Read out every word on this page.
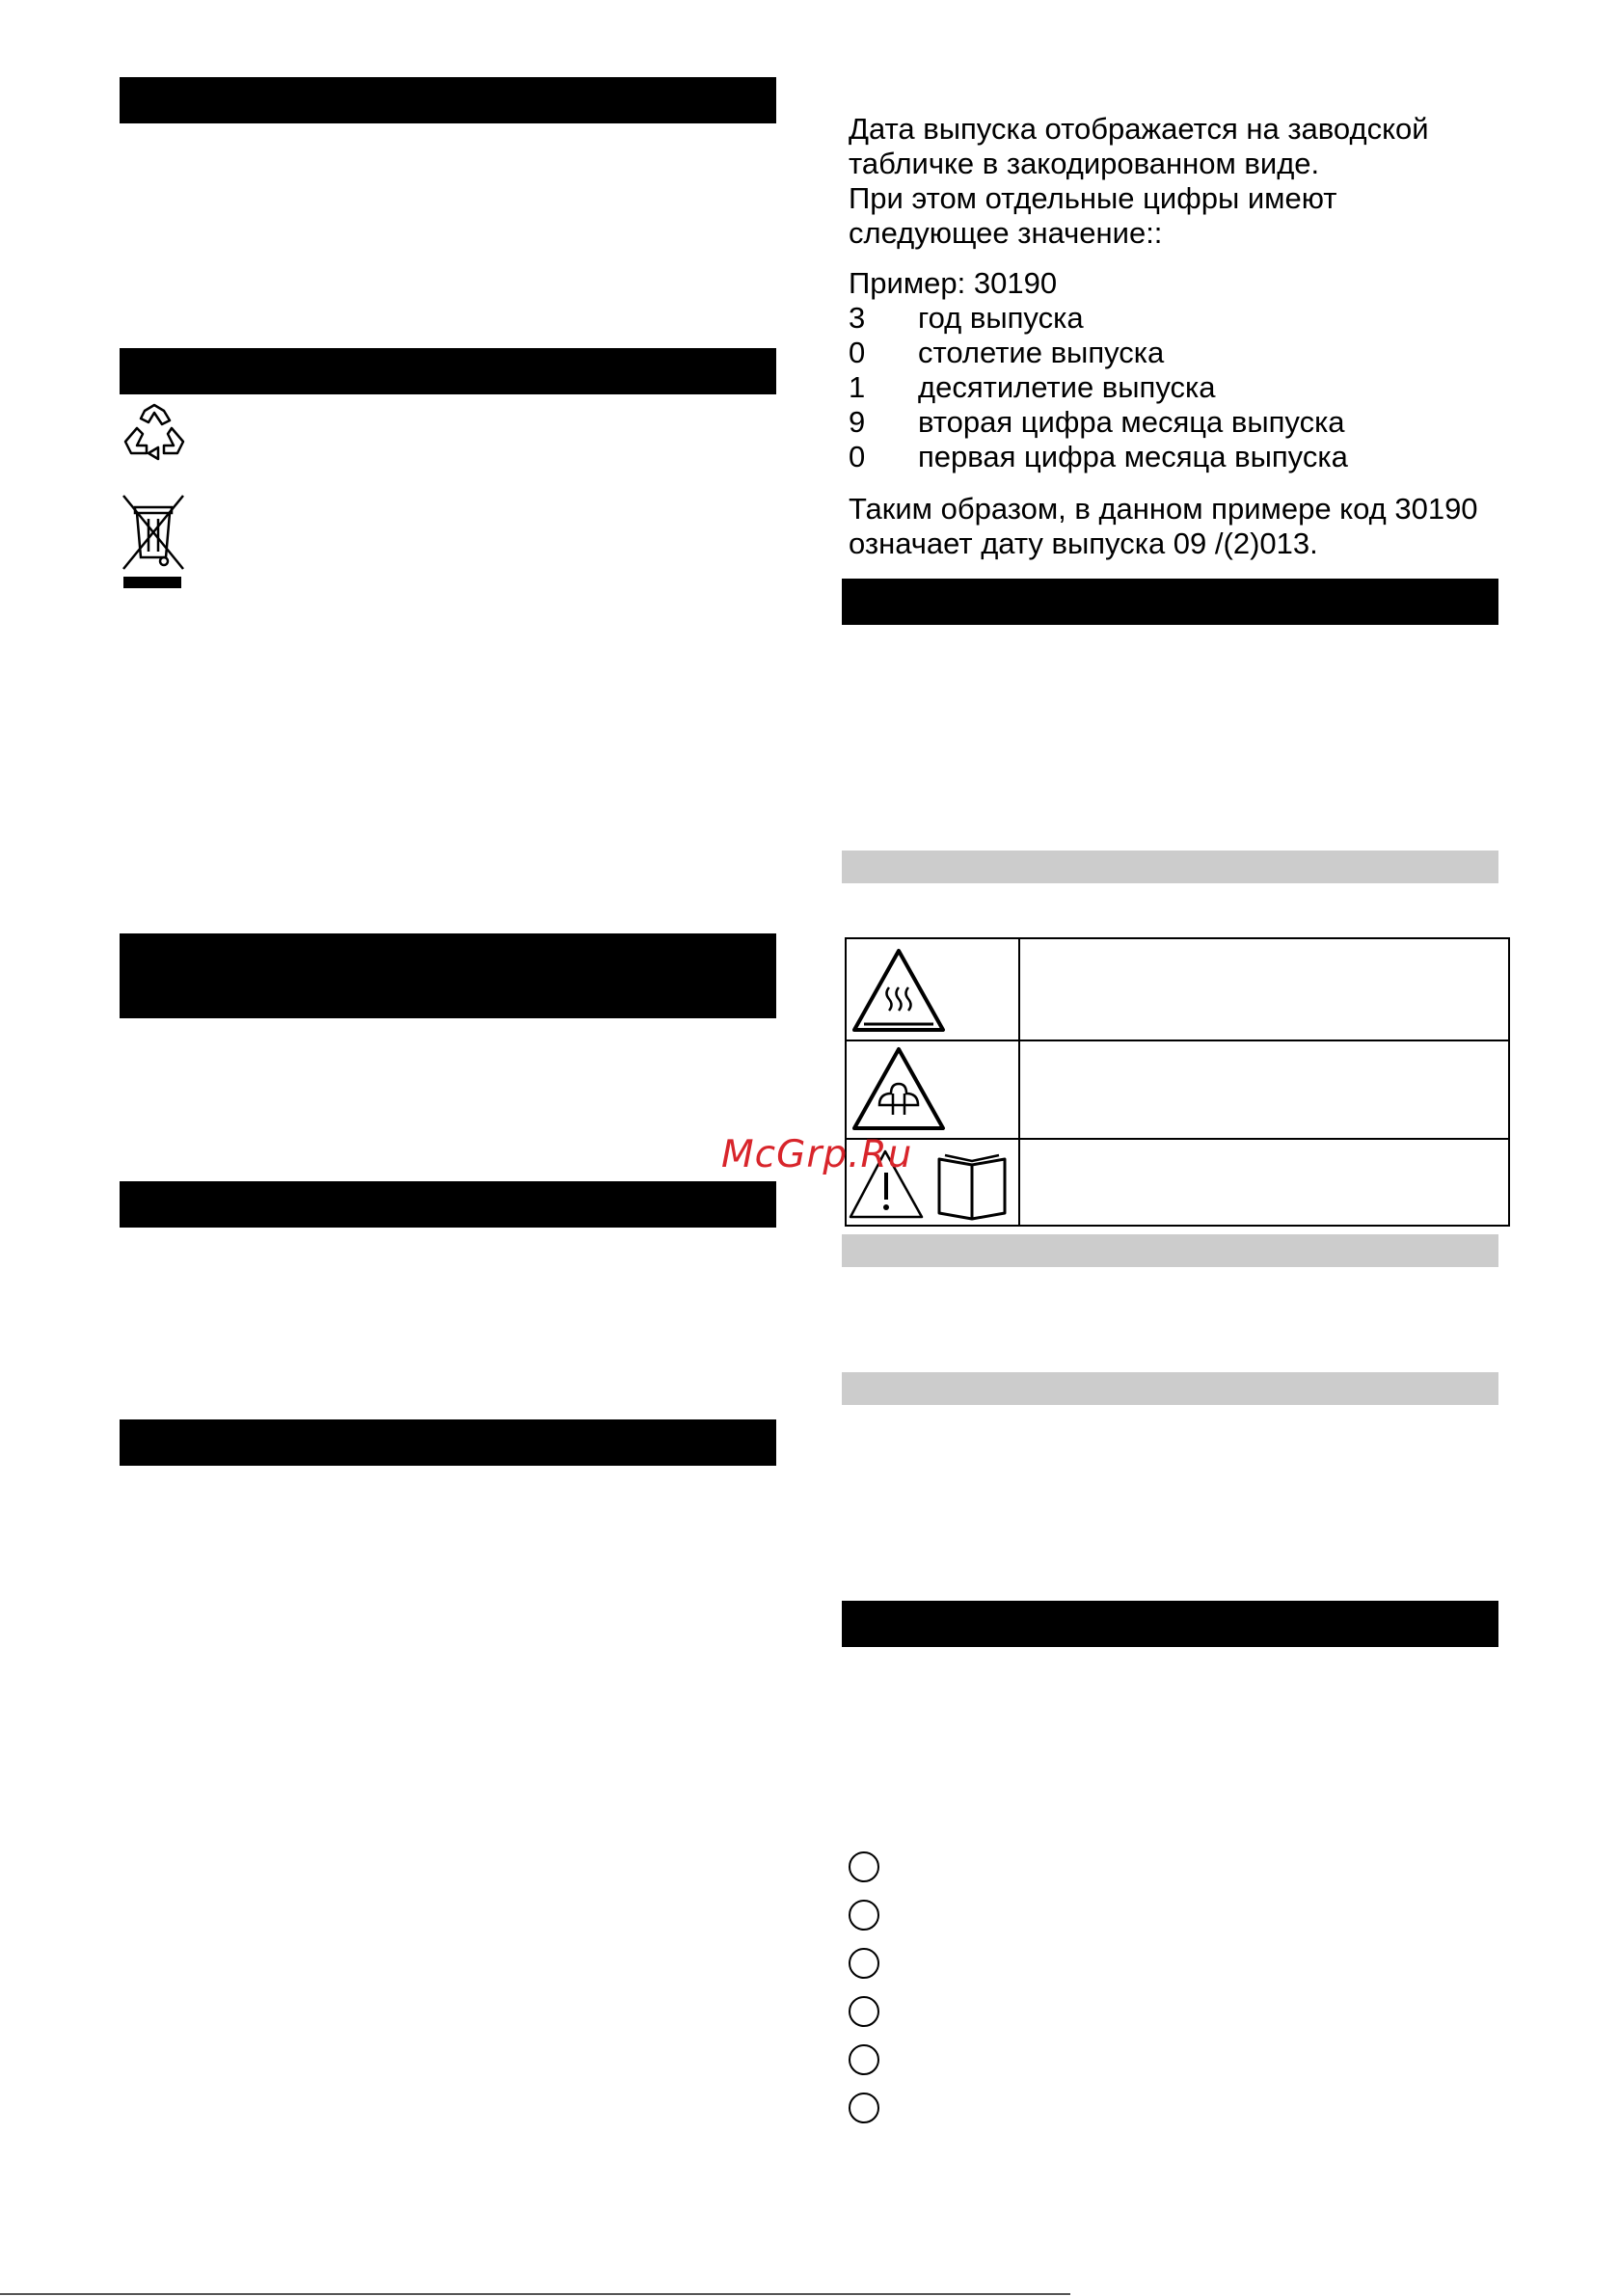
Дата выпуска отображается на заводской
табличке в закодированном виде.
При этом отдельные цифры имеют
следующее значение::
Пример: 30190
3 год выпуска
0 столетие выпуска
1 десятилетие выпуска
9 вторая цифра месяца выпуска
0 первая цифра месяца выпуска
Таким образом, в данном примере код 30190
означает дату выпуска 09 /(2)013.
McGrp.Ru
